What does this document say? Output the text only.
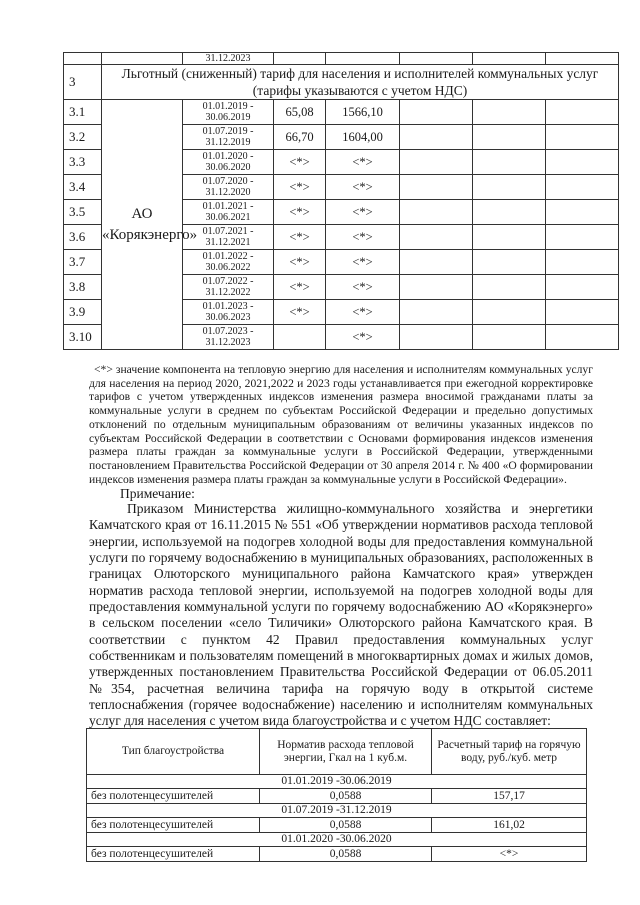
		31.12.2023					
3	Льготный (сниженный) тариф для населения и исполнителей коммунальных услуг (тарифы указываются с учетом НДС)						
3.1	АО «Корякэнерго»	01.01.2019 - 30.06.2019	65,08	1566,10			
3.2		01.07.2019 - 31.12.2019	66,70	1604,00			
3.3		01.01.2020 - 30.06.2020	<*>	<*>			
3.4		01.07.2020 - 31.12.2020	<*>	<*>			
3.5		01.01.2021 - 30.06.2021	<*>	<*>			
3.6		01.07.2021 - 31.12.2021	<*>	<*>			
3.7		01.01.2022 - 30.06.2022	<*>	<*>			
3.8		01.07.2022 - 31.12.2022	<*>	<*>			
3.9		01.01.2023 - 30.06.2023	<*>	<*>			
3.10		01.07.2023 - 31.12.2023		<*>			

<*> значение компонента на тепловую энергию для населения и исполнителям коммунальных услуг для населения на период 2020, 2021,2022 и 2023 годы устанавливается при ежегодной корректировке тарифов с учетом утвержденных индексов изменения размера вносимой гражданами платы за коммунальные услуги в среднем по субъектам Российской Федерации и предельно допустимых отклонений по отдельным муниципальным образованиям от величины указанных индексов по субъектам Российской Федерации в соответствии с Основами формирования индексов изменения размера платы граждан за коммунальные услуги в Российской Федерации, утвержденными постановлением Правительства Российской Федерации от 30 апреля 2014 г. № 400 «О формировании индексов изменения размера платы граждан за коммунальные услуги в Российской Федерации».

Примечание:

Приказом Министерства жилищно-коммунального хозяйства и энергетики Камчатского края от 16.11.2015 № 551 «Об утверждении нормативов расхода тепловой энергии, используемой на подогрев холодной воды для предоставления коммунальной услуги по горячему водоснабжению в муниципальных образованиях, расположенных в границах Олюторского муниципального района Камчатского края» утвержден норматив расхода тепловой энергии, используемой на подогрев холодной воды для предоставления коммунальной услуги по горячему водоснабжению АО «Корякэнерго» в сельском поселении «село Тиличики» Олюторского района Камчатского края. В соответствии с пунктом 42 Правил предоставления коммунальных услуг собственникам и пользователям помещений в многоквартирных домах и жилых домов, утвержденных постановлением Правительства Российской Федерации от 06.05.2011 №354, расчетная величина тарифа на горячую воду в открытой системе теплоснабжения (горячее водоснабжение) населению и исполнителям коммунальных услуг для населения с учетом вида благоустройства и с учетом НДС составляет:

Тип благоустройства	Норматив расхода тепловой энергии, Гкал на 1 куб.м.	Расчетный тариф на горячую воду, руб./куб. метр
01.01.2019 -30.06.2019		
без полотенцесушителей	0,0588	157,17
01.07.2019 -31.12.2019		
без полотенцесушителей	0,0588	161,02
01.01.2020 -30.06.2020		
без полотенцесушителей	0,0588	<*>
